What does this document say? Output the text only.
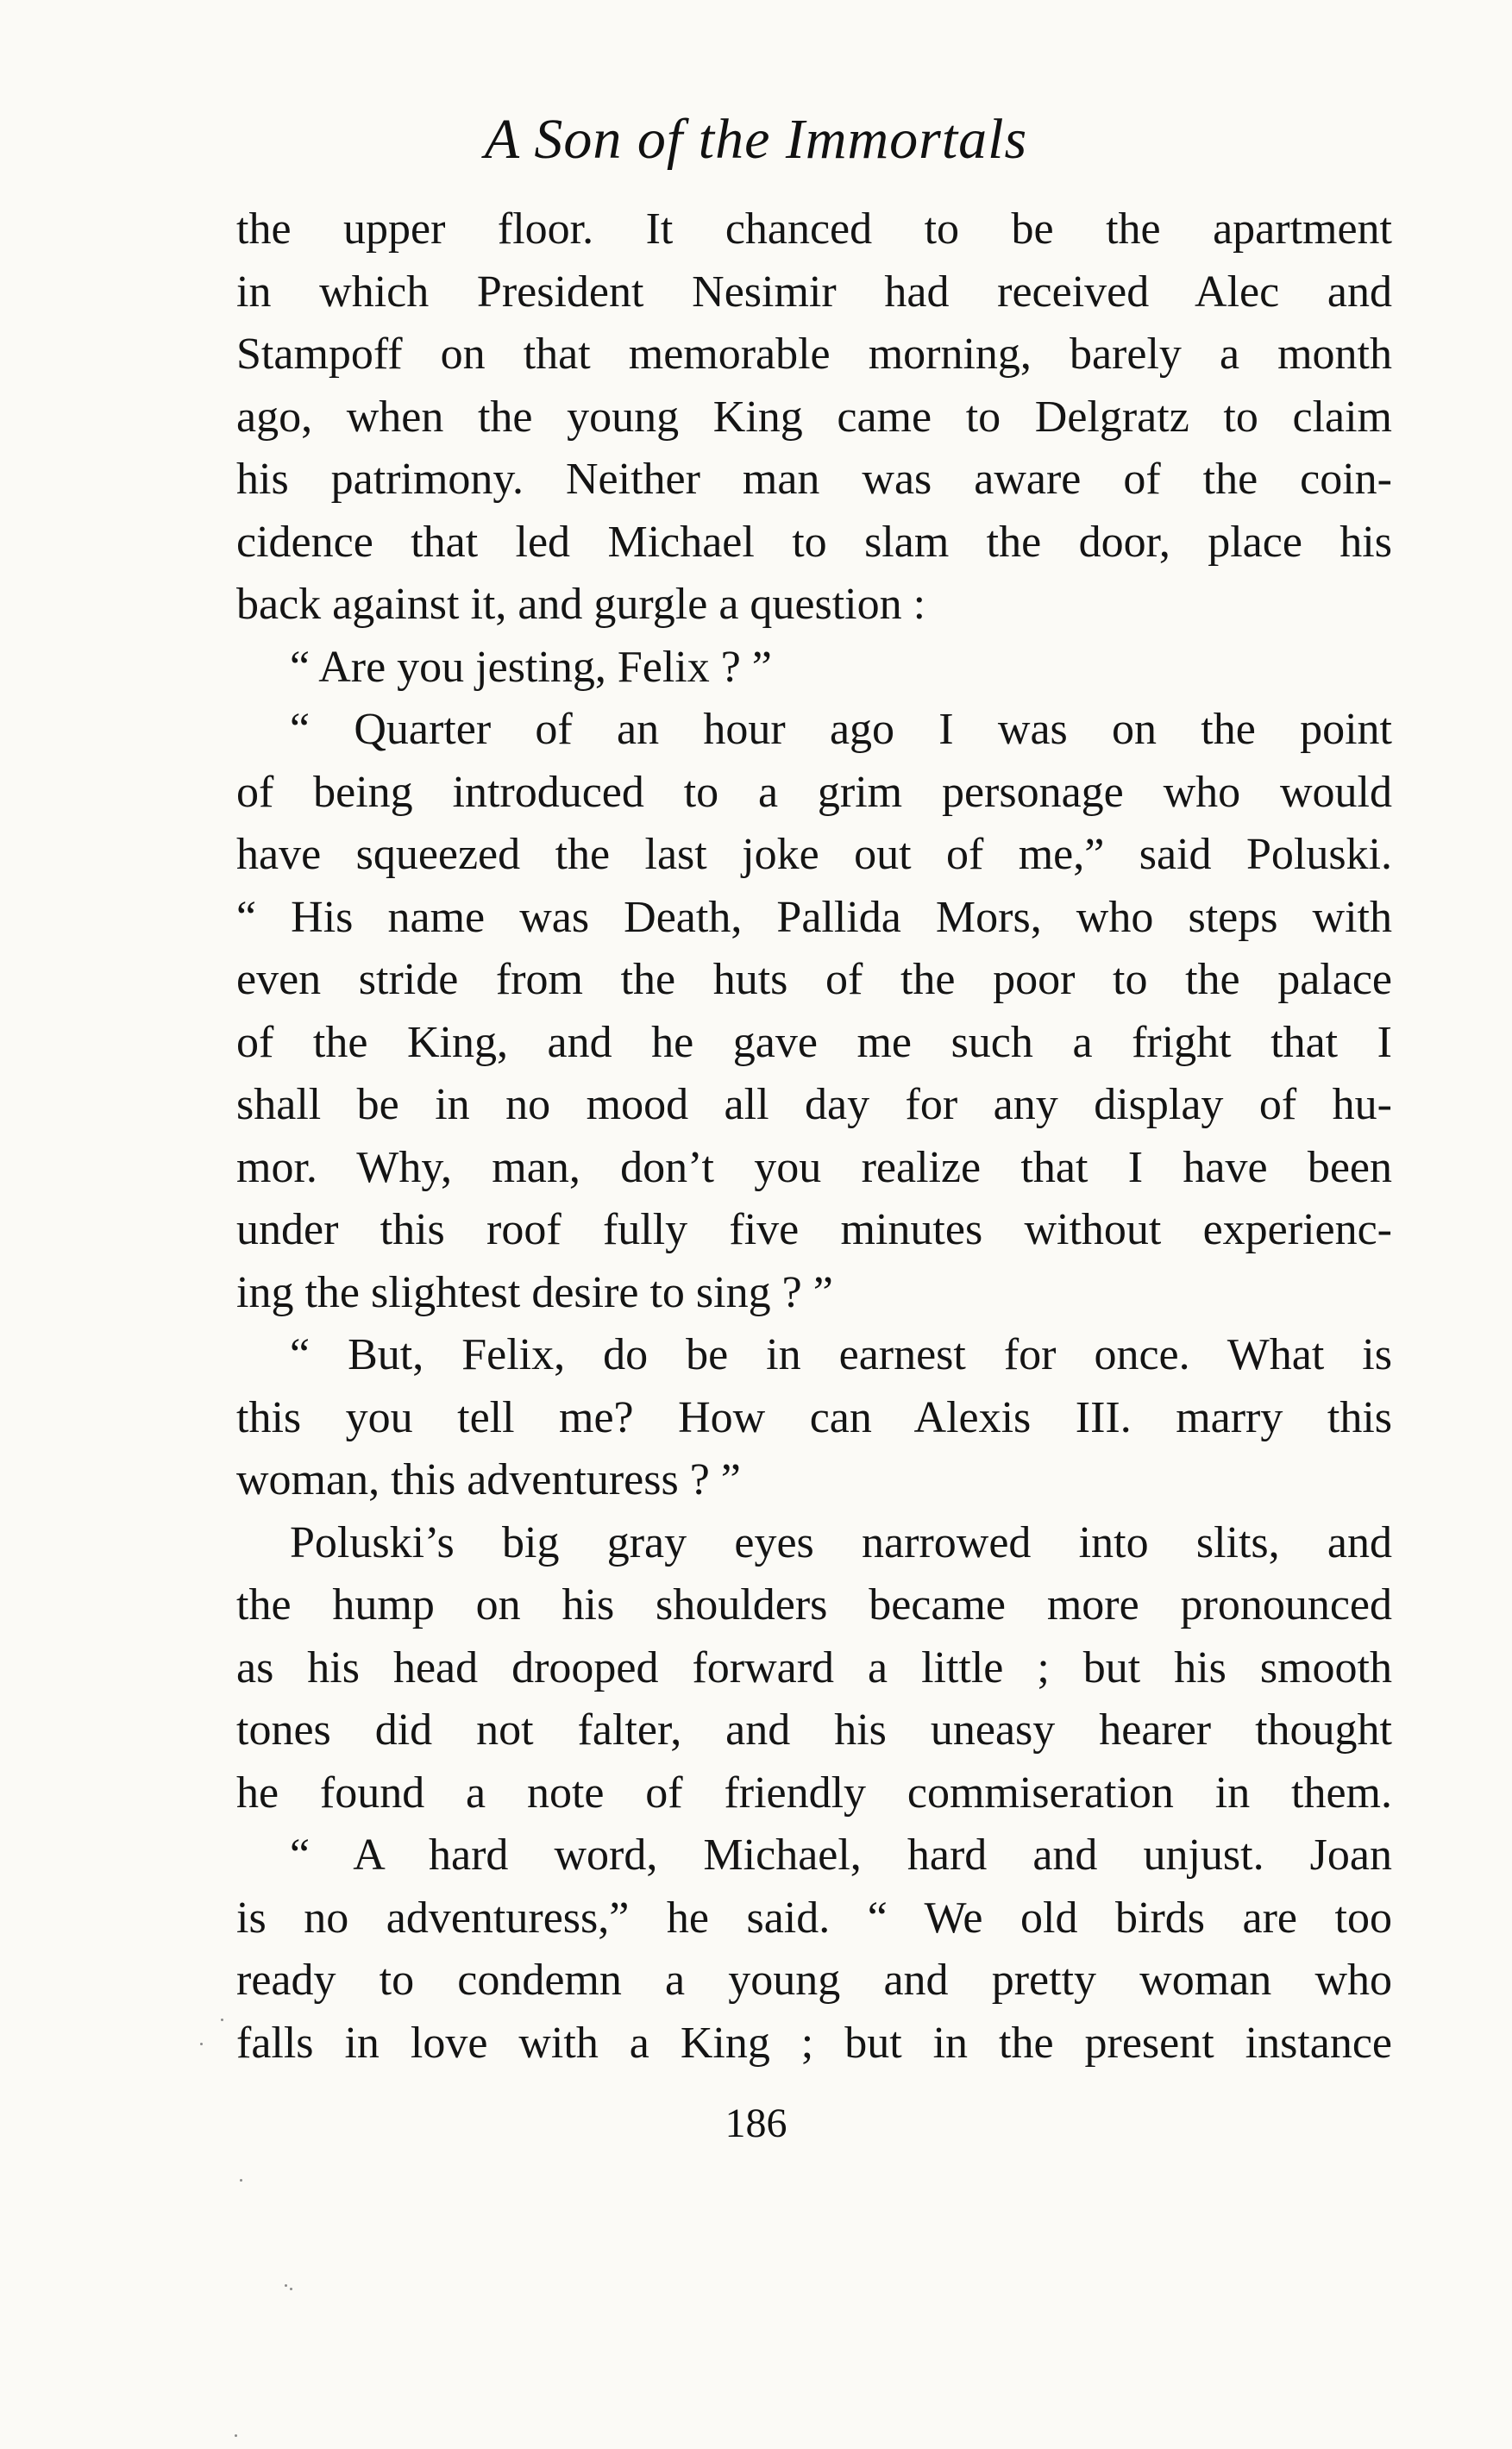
A Son of the Immortals
the upper floor. It chanced to be the apartment
in which President Nesimir had received Alec and
Stampoff on that memorable morning, barely a month
ago, when the young King came to Delgratz to claim
his patrimony. Neither man was aware of the coin-
cidence that led Michael to slam the door, place his
back against it, and gurgle a question :
“ Are you jesting, Felix ? ”
“ Quarter of an hour ago I was on the point
of being introduced to a grim personage who would
have squeezed the last joke out of me,” said Poluski.
“ His name was Death, Pallida Mors, who steps with
even stride from the huts of the poor to the palace
of the King, and he gave me such a fright that I
shall be in no mood all day for any display of hu-
mor. Why, man, don’t you realize that I have been
under this roof fully five minutes without experienc-
ing the slightest desire to sing ? ”
“ But, Felix, do be in earnest for once. What is
this you tell me? How can Alexis III. marry this
woman, this adventuress ? ”
Poluski’s big gray eyes narrowed into slits, and
the hump on his shoulders became more pronounced
as his head drooped forward a little ; but his smooth
tones did not falter, and his uneasy hearer thought
he found a note of friendly commiseration in them.
“ A hard word, Michael, hard and unjust. Joan
is no adventuress,” he said. “ We old birds are too
ready to condemn a young and pretty woman who
falls in love with a King ; but in the present instance
186
